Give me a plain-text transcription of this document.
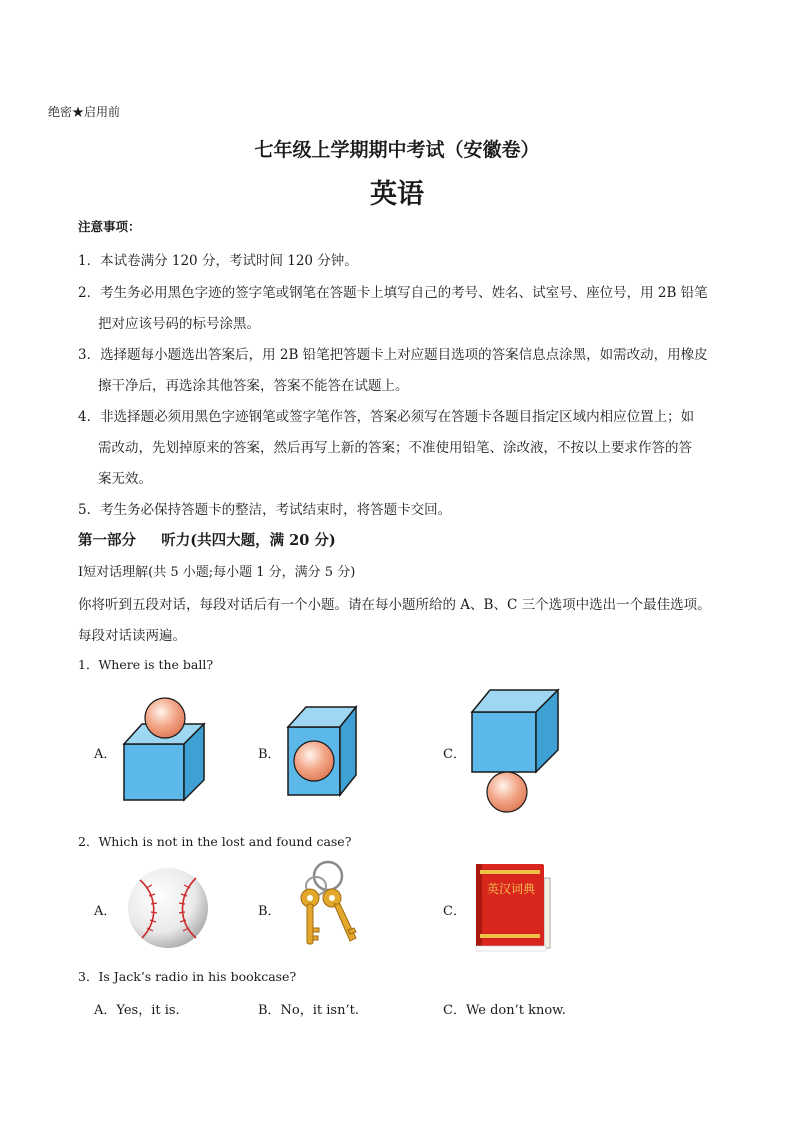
绝密★启用前
七年级上学期期中考试（安徽卷）
英语
注意事项：
1．本试卷满分 120 分，考试时间 120 分钟。
2．考生务必用黑色字迹的签字笔或钢笔在答题卡上填写自己的考号、姓名、试室号、座位号，用 2B 铅笔
把对应该号码的标号涂黑。
3．选择题每小题选出答案后，用 2B 铅笔把答题卡上对应题目选项的答案信息点涂黑，如需改动，用橡皮
擦干净后，再选涂其他答案，答案不能答在试题上。
4．非选择题必须用黑色字迹钢笔或签字笔作答，答案必须写在答题卡各题目指定区域内相应位置上；如
需改动，先划掉原来的答案，然后再写上新的答案；不准使用铅笔、涂改液，不按以上要求作答的答
案无效。
5．考生务必保持答题卡的整洁，考试结束时，将答题卡交回。
第一部分     听力(共四大题，满 20 分)
Ⅰ短对话理解(共 5 小题;每小题 1 分，满分 5 分)
你将听到五段对话，每段对话后有一个小题。请在每小题所给的 A、B、C 三个选项中选出一个最佳选项。
每段对话读两遍。
1．Where is the ball?
A．	B．	C．
2．Which is not in the lost and found case?
A．	B．	C．
英汉词典
3．Is Jack’s radio in his bookcase?
A．Yes，it is.	B．No，it isn’t.	C．We don’t know.
